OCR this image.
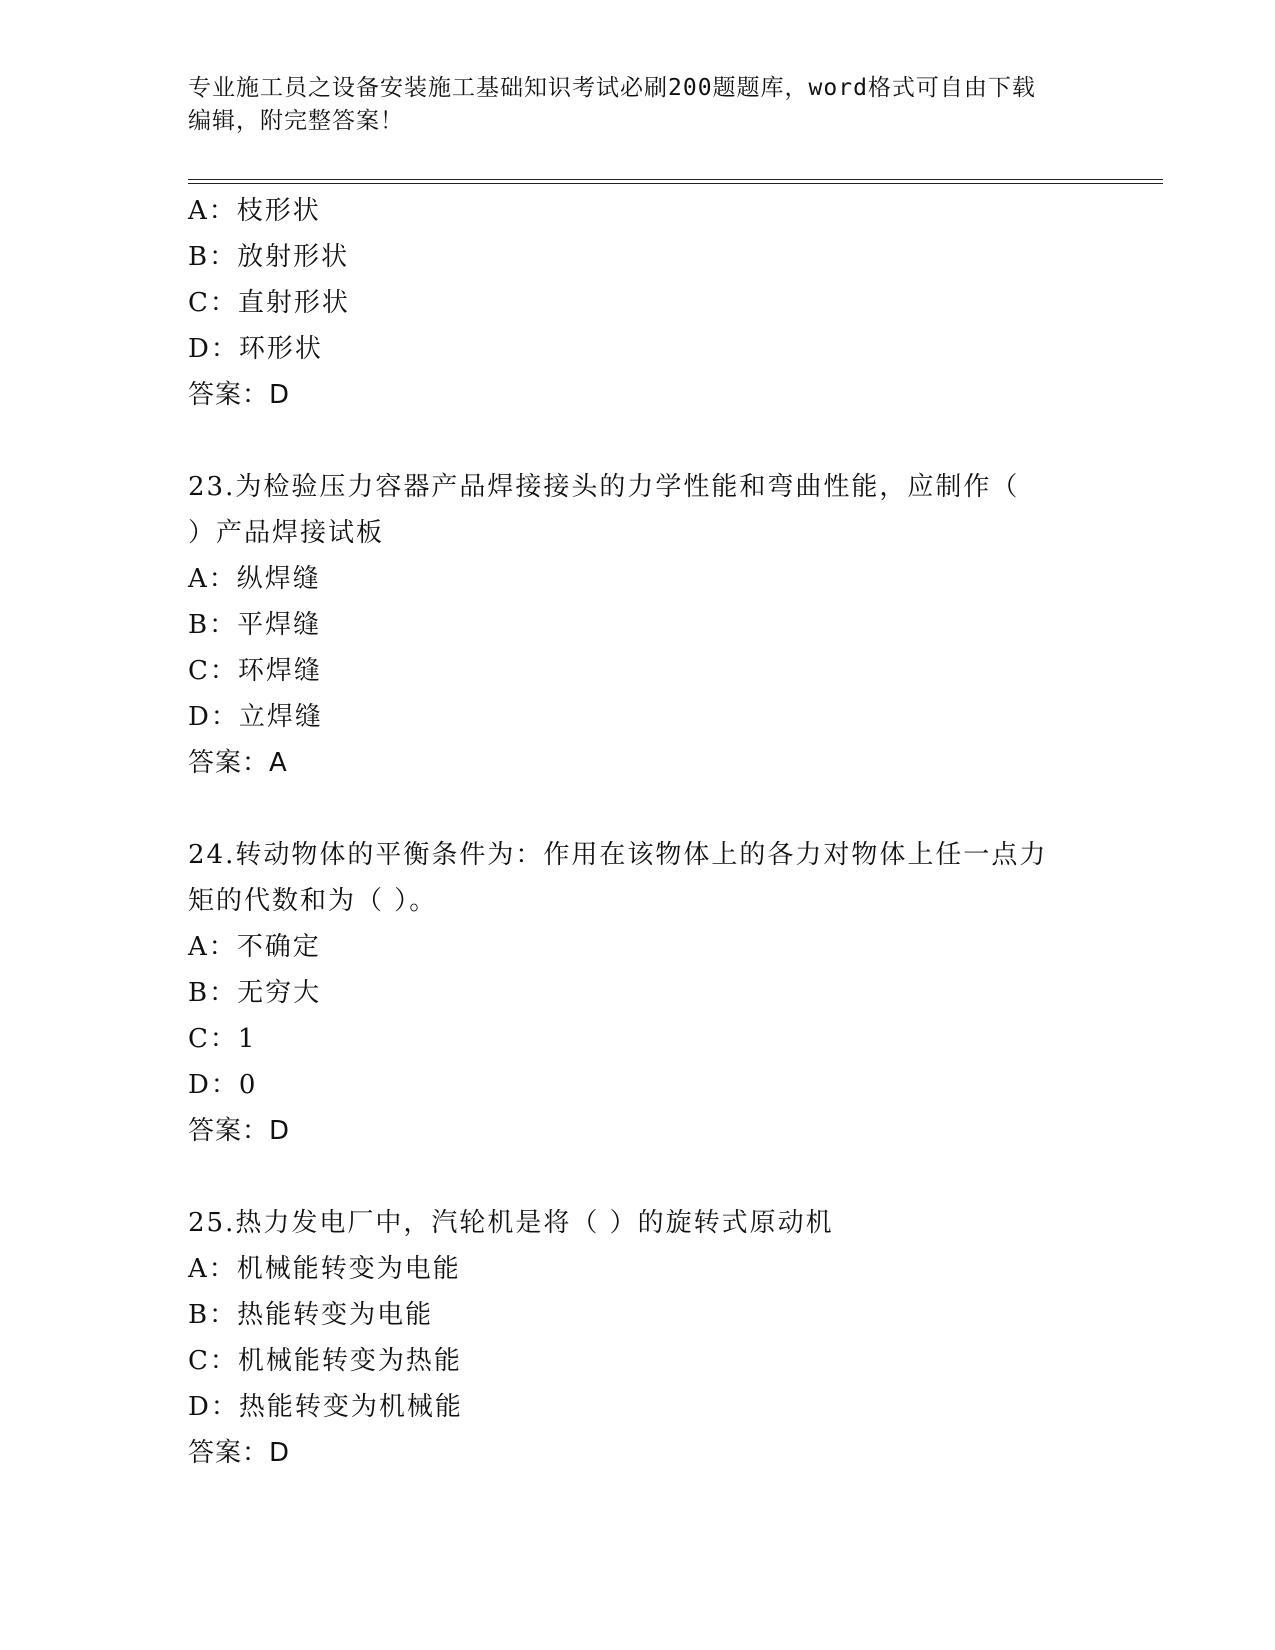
专业施工员之设备安装施工基础知识考试必刷200题题库，word格式可自由下载
编辑，附完整答案！
A：枝形状
B：放射形状
C：直射形状
D：环形状
答案：D
23.为检验压力容器产品焊接接头的力学性能和弯曲性能，应制作（
）产品焊接试板
A：纵焊缝
B：平焊缝
C：环焊缝
D：立焊缝
答案：A
24.转动物体的平衡条件为：作用在该物体上的各力对物体上任一点力
矩的代数和为（ ）。
A：不确定
B：无穷大
C：1
D：0
答案：D
25.热力发电厂中，汽轮机是将（ ）的旋转式原动机
A：机械能转变为电能
B：热能转变为电能
C：机械能转变为热能
D：热能转变为机械能
答案：D
